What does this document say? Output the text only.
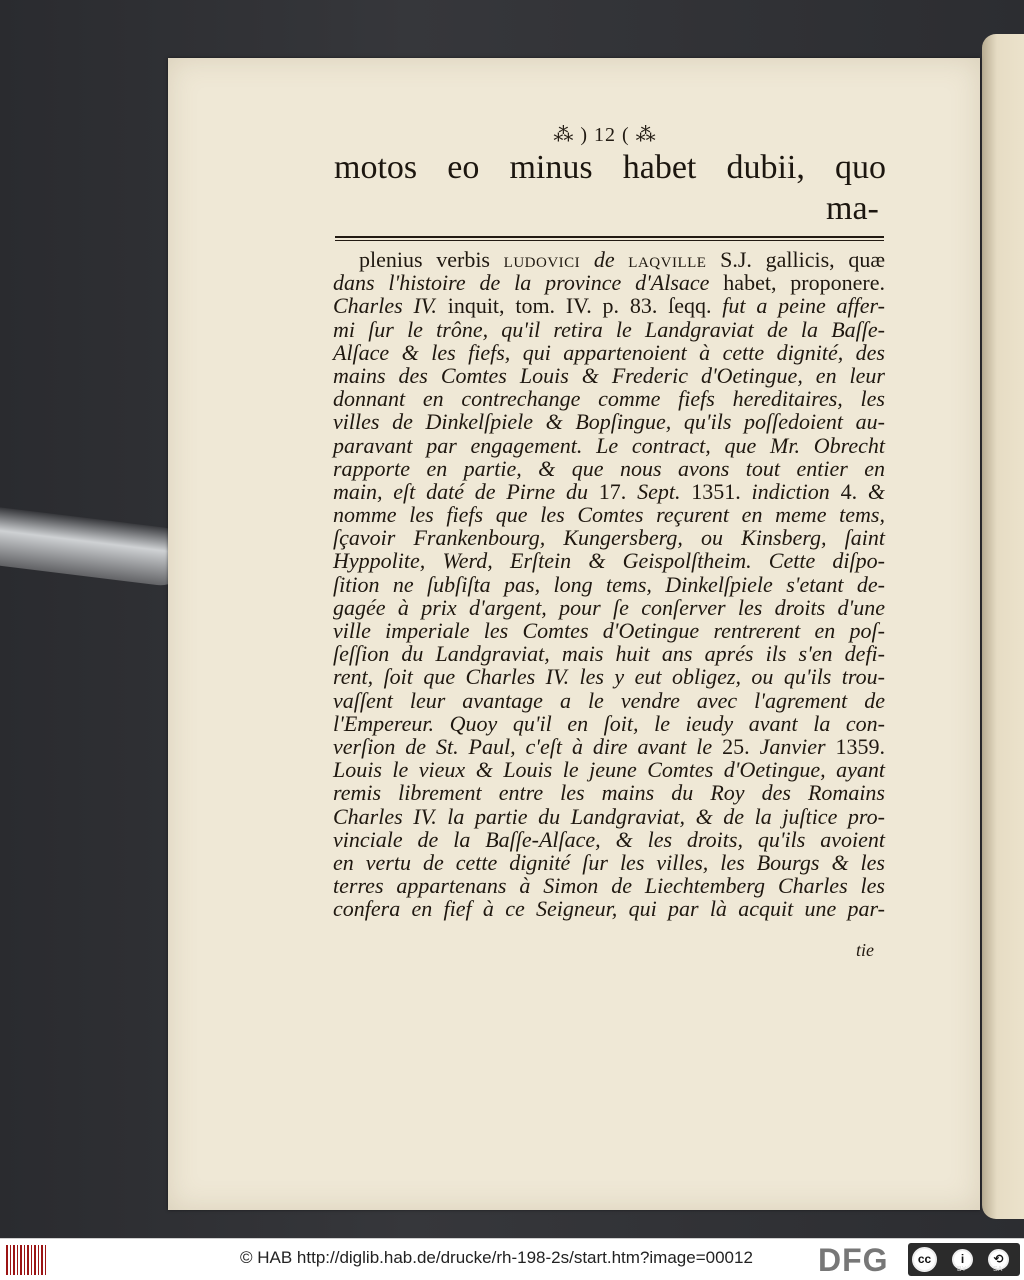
⁂ ) 12 ( ⁂
motos eo minus habet dubii, quo
ma-
plenius verbis ludovici de laqville S.J. gallicis, quæ
dans l'histoire de la province d'Alsace habet, proponere.
Charles IV. inquit, tom. IV. p. 83. ſeqq. fut a peine affer-
mi ſur le trône, qu'il retira le Landgraviat de la Baſſe-
Alſace & les fiefs, qui appartenoient à cette dignité, des
mains des Comtes Louis & Frederic d'Oetingue, en leur
donnant en contrechange comme fiefs hereditaires, les
villes de Dinkelſpiele & Bopſingue, qu'ils poſſedoient au-
paravant par engagement. Le contract, que Mr. Obrecht
rapporte en partie, & que nous avons tout entier en
main, eſt daté de Pirne du 17. Sept. 1351. indiction 4. &
nomme les fiefs que les Comtes reçurent en meme tems,
ſçavoir Frankenbourg, Kungersberg, ou Kinsberg, ſaint
Hyppolite, Werd, Erſtein & Geispolſtheim. Cette diſpo-
ſition ne ſubſiſta pas, long tems, Dinkelſpiele s'etant de-
gagée à prix d'argent, pour ſe conſerver les droits d'une
ville imperiale les Comtes d'Oetingue rentrerent en poſ-
ſeſſion du Landgraviat, mais huit ans aprés ils s'en defi-
rent, ſoit que Charles IV. les y eut obligez, ou qu'ils trou-
vaſſent leur avantage a le vendre avec l'agrement de
l'Empereur. Quoy qu'il en ſoit, le ieudy avant la con-
verſion de St. Paul, c'eſt à dire avant le 25. Janvier 1359.
Louis le vieux & Louis le jeune Comtes d'Oetingue, ayant
remis librement entre les mains du Roy des Romains
Charles IV. la partie du Landgraviat, & de la juſtice pro-
vinciale de la Baſſe-Alſace, & les droits, qu'ils avoient
en vertu de cette dignité ſur les villes, les Bourgs & les
terres appartenans à Simon de Liechtemberg Charles les
confera en fief à ce Seigneur, qui par là acquit une par-
tie
© HAB http://diglib.hab.de/drucke/rh-198-2s/start.htm?image=00012 DFG	cc	i	⟲
BY	SA
